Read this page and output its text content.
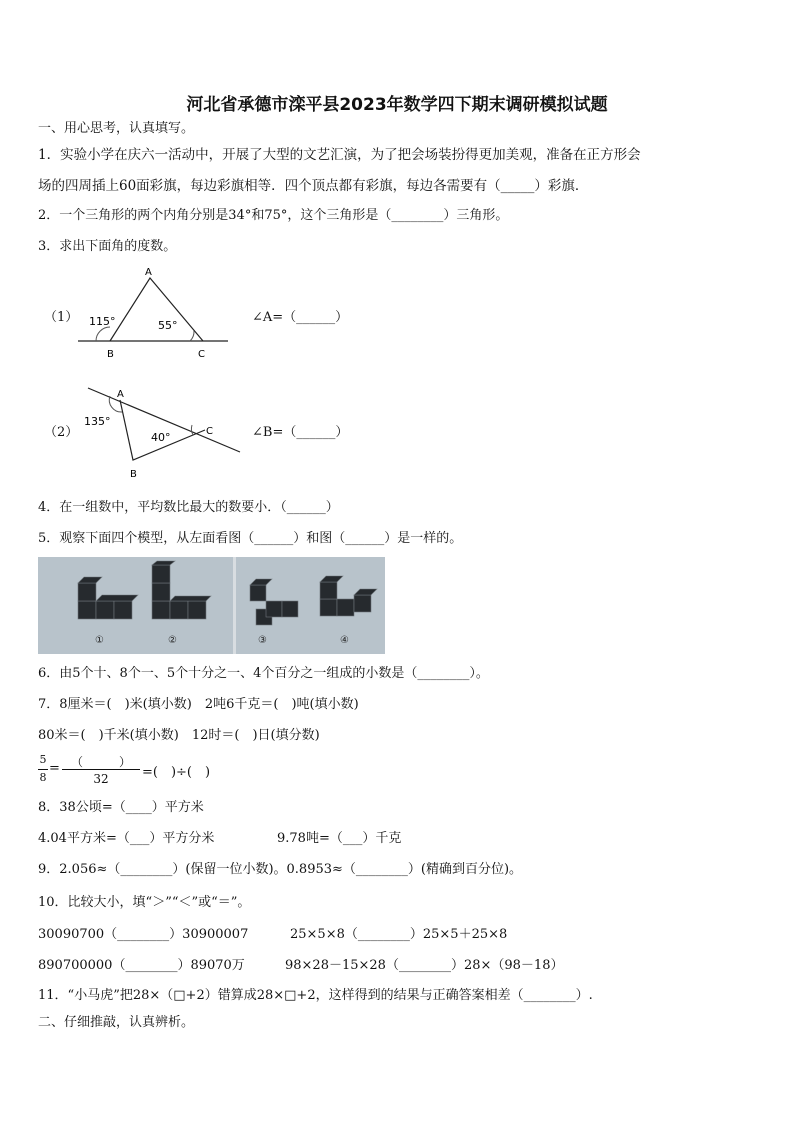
河北省承德市滦平县2023年数学四下期末调研模拟试题
一、用心思考，认真填写。
1．实验小学在庆六一活动中，开展了大型的文艺汇演，为了把会场装扮得更加美观，准备在正方形会
场的四周插上60面彩旗，每边彩旗相等．四个顶点都有彩旗，每边各需要有（_____）彩旗．
2．一个三角形的两个内角分别是34°和75°，这个三角形是（________）三角形。
3．求出下面角的度数。
（1）
A
B	C
115°	55°
∠A=（______）
（2）
A
B
C
135°
40°	∠B=（______）
4．在一组数中，平均数比最大的数要小．（______）
5．观察下面四个模型，从左面看图（______）和图（______）是一样的。
①	②	③	④
6．由5个十、8个一、5个十分之一、4个百分之一组成的小数是（________）。
7．8厘米＝(　)米(填小数)　2吨6千克＝(　)吨(填小数)
80米＝(　)千米(填小数)　12时＝(　)日(填分数)
5
8
= （　　　）
32	=(　)÷(　)
8．38公顷=（____）平方米
4.04平方米=（___）平方分米	9.78吨=（___）千克
9．2.056≈（________）(保留一位小数)。0.8953≈（________）(精确到百分位)。
10．比较大小，填“＞”“＜”或“＝”。
30090700（________）30900007	25×5×8（________）25×5＋25×8
890700000（________）89070万	98×28－15×28（________）28×（98－18）
11．“小马虎”把28×（□+2）错算成28×□+2，这样得到的结果与正确答案相差（________）.
二、仔细推敲，认真辨析。
